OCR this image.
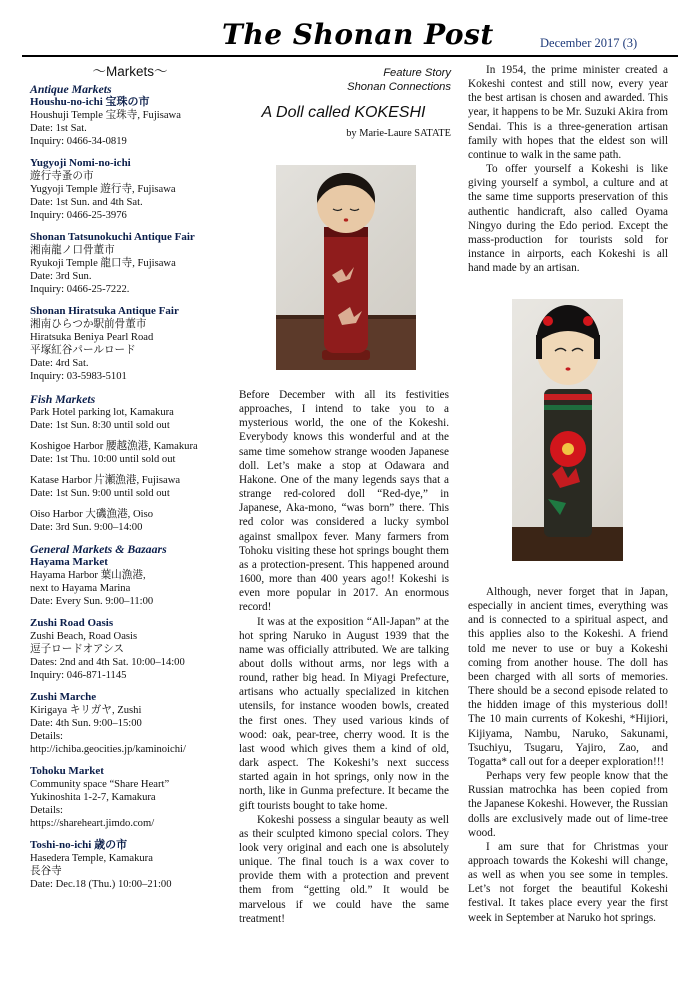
The Shonan Post	December 2017 (3)
～Markets～
Antique Markets
Houshu-no-ichi 宝珠の市
Houshuji Temple 宝珠寺, Fujisawa
Date: 1st Sat.
Inquiry: 0466-34-0819
Yugyoji Nomi-no-ichi
遊行寺蚤の市
Yugyoji Temple 遊行寺, Fujisawa
Date: 1st Sun. and 4th Sat.
Inquiry: 0466-25-3976
Shonan Tatsunokuchi Antique Fair
湘南龍ノ口骨董市
Ryukoji Temple 龍口寺, Fujisawa
Date: 3rd Sun.
Inquiry: 0466-25-7222.
Shonan Hiratsuka Antique Fair
湘南ひらつか駅前骨董市
Hiratsuka Beniya Pearl Road
平塚紅谷パールロード
Date: 4rd Sat.
Inquiry: 03-5983-5101
Fish Markets
Park Hotel parking lot, Kamakura
Date: 1st Sun. 8:30 until sold out
Koshigoe Harbor 腰越漁港, Kamakura
Date: 1st Thu. 10:00 until sold out
Katase Harbor 片瀬漁港, Fujisawa
Date: 1st Sun. 9:00 until sold out
Oiso Harbor 大磯漁港, Oiso
Date: 3rd Sun. 9:00–14:00
General Markets & Bazaars
Hayama Market
Hayama Harbor 葉山漁港,
next to Hayama Marina
Date: Every Sun. 9:00–11:00
Zushi Road Oasis
Zushi Beach, Road Oasis
逗子ロードオアシス
Dates: 2nd and 4th Sat. 10:00–14:00
Inquiry: 046-871-1145
Zushi Marche
Kirigaya キリガヤ, Zushi
Date: 4th Sun. 9:00–15:00
Details:
http://ichiba.geocities.jp/kaminoichi/
Tohoku Market
Community space “Share Heart”
Yukinoshita 1-2-7, Kamakura
Details:
https://shareheart.jimdo.com/
Toshi-no-ichi 歳の市
Hasedera Temple, Kamakura
長谷寺
Date: Dec.18 (Thu.) 10:00–21:00
Feature Story
Shonan Connections
A Doll called KOKESHI
by Marie-Laure SATATE

Before December with all its festivities approaches, I intend to take you to a mysterious world, the one of the Kokeshi. Everybody knows this wonderful and at the same time somehow strange wooden Japanese doll. Let’s make a stop at Odawara and Hakone. One of the many legends says that a strange red-colored doll “Red-dye,” in Japanese, Aka-mono, “was born” there. This red color was considered a lucky symbol against smallpox fever. Many farmers from Tohoku visiting these hot springs bought them as a protection-present. This happened around 1600, more than 400 years ago!! Kokeshi is even more popular in 2017. An enormous record!

It was at the exposition “All-Japan” at the hot spring Naruko in August 1939 that the name was officially attributed. We are talking about dolls without arms, nor legs with a round, rather big head. In Miyagi Prefecture, artisans who actually specialized in kitchen utensils, for instance wooden bowls, created the first ones. They used various kinds of wood: oak, pear-tree, cherry wood. It is the last wood which gives them a kind of old, dark aspect. The Kokeshi’s next success started again in hot springs, only now in the north, like in Gunma prefecture. It became the gift tourists bought to take home.

Kokeshi possess a singular beauty as well as their sculpted kimono special colors. They look very original and each one is absolutely unique. The final touch is a wax cover to provide them with a protection and prevent them from “getting old.” It would be marvelous if we could have the same treatment!

In 1954, the prime minister created a Kokeshi contest and still now, every year the best artisan is chosen and awarded. This year, it happens to be Mr. Suzuki Akira from Sendai. This is a three-generation artisan family with hopes that the eldest son will continue to walk in the same path.

To offer yourself a Kokeshi is like giving yourself a symbol, a culture and at the same time supports preservation of this authentic handicraft, also called Oyama Ningyo during the Edo period. Except the mass-production for tourists sold for instance in airports, each Kokeshi is all hand made by an artisan.

Although, never forget that in Japan, especially in ancient times, everything was and is connected to a spiritual aspect, and this applies also to the Kokeshi. A friend told me never to use or buy a Kokeshi coming from another house. The doll has been charged with all sorts of memories. There should be a second episode related to the hidden image of this mysterious doll! The 10 main currents of Kokeshi, *Hijiori, Kijiyama, Nambu, Naruko, Sakunami, Tsuchiyu, Tsugaru, Yajiro, Zao, and Togatta* call out for a deeper exploration!!!

Perhaps very few people know that the Russian matrochka has been copied from the Japanese Kokeshi. However, the Russian dolls are exclusively made out of lime-tree wood.

I am sure that for Christmas your approach towards the Kokeshi will change, as well as when you see some in temples. Let’s not forget the beautiful Kokeshi festival. It takes place every year the first week in September at Naruko hot springs.
